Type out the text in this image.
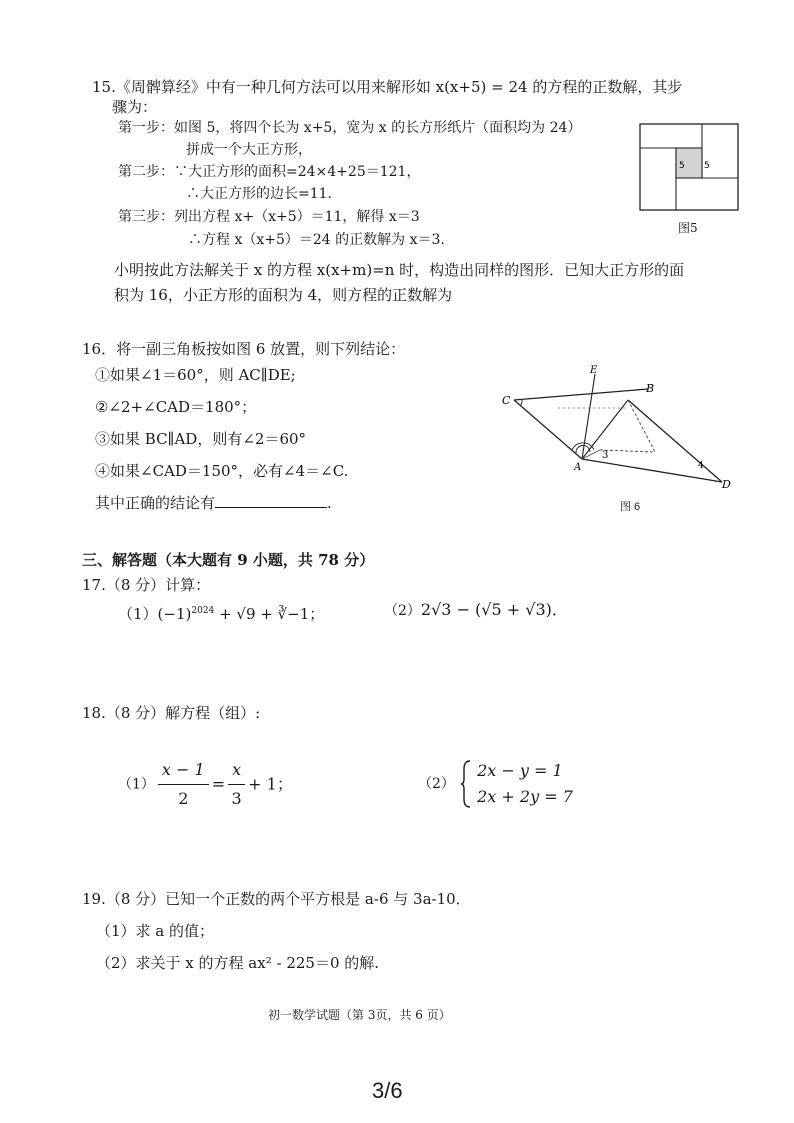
15.《周髀算经》中有一种几何方法可以用来解形如 x(x+5) = 24 的方程的正数解，其步
骤为：
第一步：如图 5，将四个长为 x+5，宽为 x 的长方形纸片（面积均为 24）
拼成一个大正方形，
第二步：∵大正方形的面积=24×4+25＝121，
∴大正方形的边长=11.
第三步：列出方程 x+（x+5）＝11，解得 x＝3
∴方程 x（x+5）＝24 的正数解为 x＝3.
小明按此方法解关于 x 的方程 x(x+m)=n 时，构造出同样的图形．已知大正方形的面
积为 16，小正方形的面积为 4，则方程的正数解为
5 5
图5
16．将一副三角板按如图 6 放置，则下列结论：
①如果∠1＝60°，则 AC∥DE;
②∠2+∠CAD＝180°；
③如果 BC∥AD，则有∠2＝60°
④如果∠CAD＝150°，必有∠4＝∠C.
其中正确的结论有	.
C
E
B
A
D
3
4
图 6
三、解答题（本大题有 9 小题，共 78 分）
17.（8 分）计算：
$(1)(-1)^{2024} + √9$ + ∛−1；	（2）2√3 − (√5 + √3)．
18.（8 分）解方程（组）:
$(1) \frac{x - 1}{2} = \frac{x}{3} + 1$；	（2）
2x − y = 1
2x + 2y = 7
19.（8 分）已知一个正数的两个平方根是 a-6 与 3a-10．
（1）求 a 的值；
（2）求关于 x 的方程 ax² - 225＝0 的解.
初一数学试题（第 3页，共 6 页）
3/6
